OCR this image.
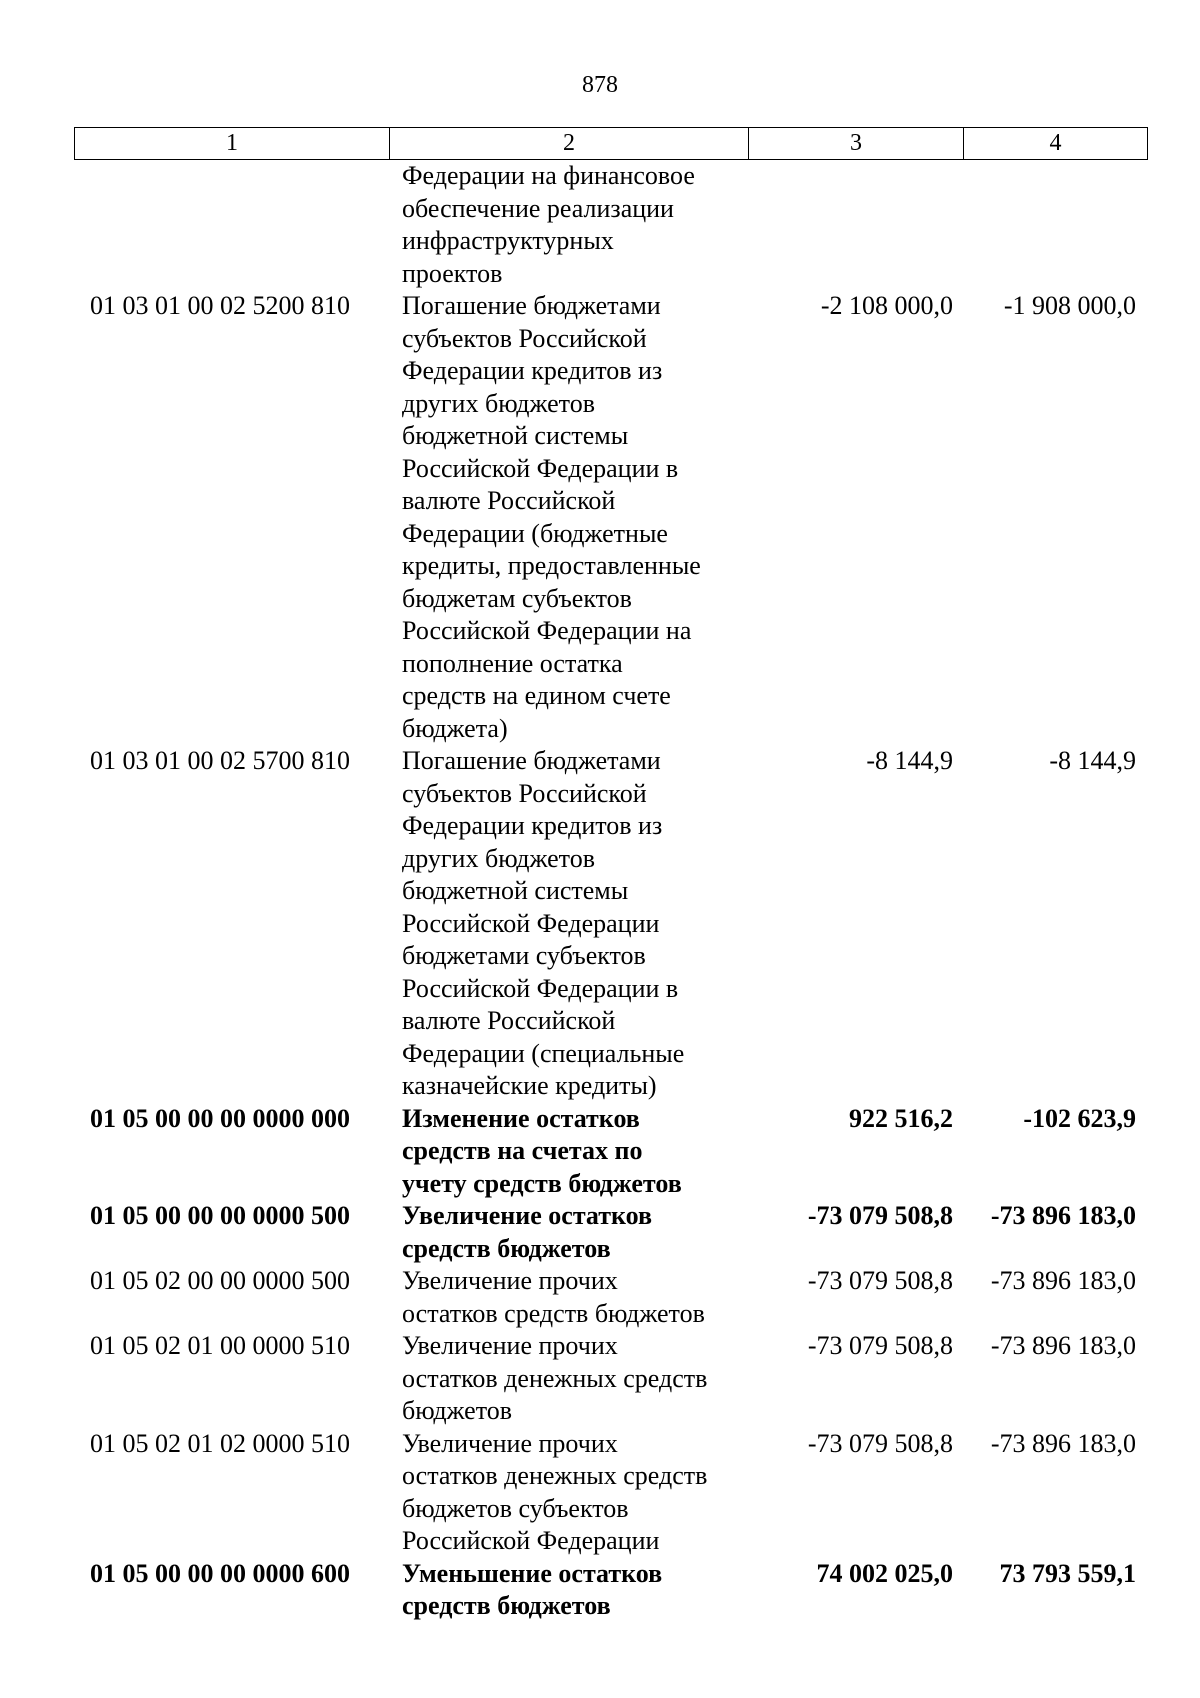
878
1	2	3	4
Федерации на финансовое
обеспечение реализации
инфраструктурных
проектов
01 03 01 00 02 5200 810	Погашение бюджетами
субъектов Российской
Федерации кредитов из
других бюджетов
бюджетной системы
Российской Федерации в
валюте Российской
Федерации (бюджетные
кредиты, предоставленные
бюджетам субъектов
Российской Федерации на
пополнение остатка
средств на едином счете
бюджета)
-2 108 000,0	-1 908 000,0
01 03 01 00 02 5700 810	Погашение бюджетами
субъектов Российской
Федерации кредитов из
других бюджетов
бюджетной системы
Российской Федерации
бюджетами субъектов
Российской Федерации в
валюте Российской
Федерации (специальные
казначейские кредиты)
-8 144,9	-8 144,9
01 05 00 00 00 0000 000	Изменение остатков
средств на счетах по
учету средств бюджетов
922 516,2	-102 623,9
01 05 00 00 00 0000 500	Увеличение остатков
средств бюджетов
-73 079 508,8	-73 896 183,0
01 05 02 00 00 0000 500	Увеличение прочих
остатков средств бюджетов
-73 079 508,8	-73 896 183,0
01 05 02 01 00 0000 510	Увеличение прочих
остатков денежных средств
бюджетов
-73 079 508,8	-73 896 183,0
01 05 02 01 02 0000 510	Увеличение прочих
остатков денежных средств
бюджетов субъектов
Российской Федерации
-73 079 508,8	-73 896 183,0
01 05 00 00 00 0000 600	Уменьшение остатков
средств бюджетов
74 002 025,0	73 793 559,1
